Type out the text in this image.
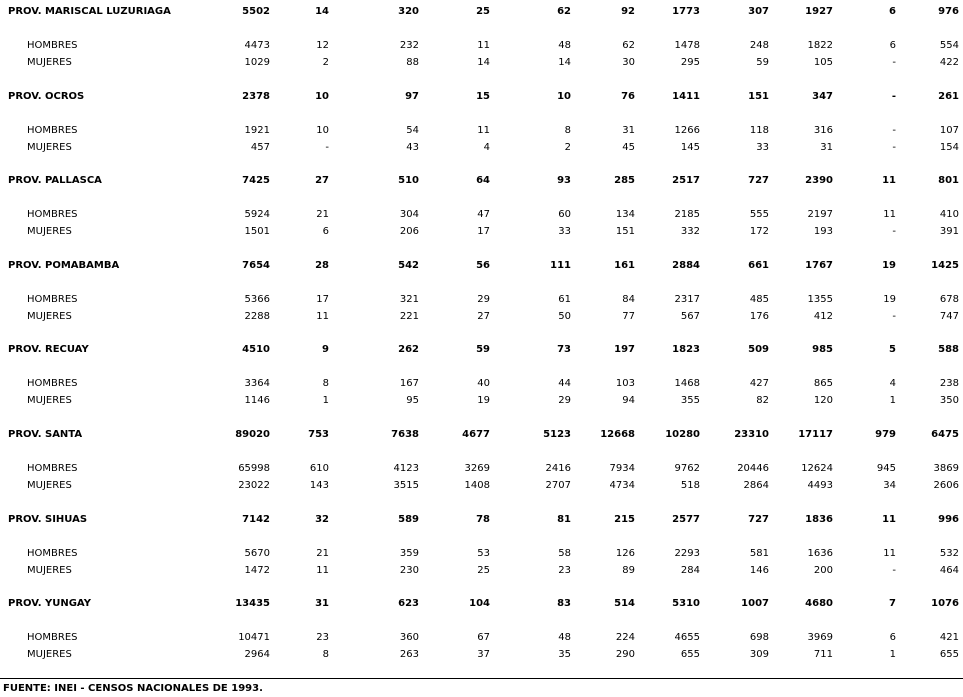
PROV. MARISCAL LUZURIAGA	5502	14	320	25	62	92	1773	307	1927	6	976
HOMBRES	4473	12	232	11	48	62	1478	248	1822	6	554
MUJERES	1029	2	88	14	14	30	295	59	105	-	422
PROV. OCROS	2378	10	97	15	10	76	1411	151	347	-	261
HOMBRES	1921	10	54	11	8	31	1266	118	316	-	107
MUJERES	457	-	43	4	2	45	145	33	31	-	154
PROV. PALLASCA	7425	27	510	64	93	285	2517	727	2390	11	801
HOMBRES	5924	21	304	47	60	134	2185	555	2197	11	410
MUJERES	1501	6	206	17	33	151	332	172	193	-	391
PROV. POMABAMBA	7654	28	542	56	111	161	2884	661	1767	19	1425
HOMBRES	5366	17	321	29	61	84	2317	485	1355	19	678
MUJERES	2288	11	221	27	50	77	567	176	412	-	747
PROV. RECUAY	4510	9	262	59	73	197	1823	509	985	5	588
HOMBRES	3364	8	167	40	44	103	1468	427	865	4	238
MUJERES	1146	1	95	19	29	94	355	82	120	1	350
PROV. SANTA	89020	753	7638	4677	5123	12668	10280	23310	17117	979	6475
HOMBRES	65998	610	4123	3269	2416	7934	9762	20446	12624	945	3869
MUJERES	23022	143	3515	1408	2707	4734	518	2864	4493	34	2606
PROV. SIHUAS	7142	32	589	78	81	215	2577	727	1836	11	996
HOMBRES	5670	21	359	53	58	126	2293	581	1636	11	532
MUJERES	1472	11	230	25	23	89	284	146	200	-	464
PROV. YUNGAY	13435	31	623	104	83	514	5310	1007	4680	7	1076
HOMBRES	10471	23	360	67	48	224	4655	698	3969	6	421
MUJERES	2964	8	263	37	35	290	655	309	711	1	655
FUENTE: INEI - CENSOS NACIONALES DE 1993.
